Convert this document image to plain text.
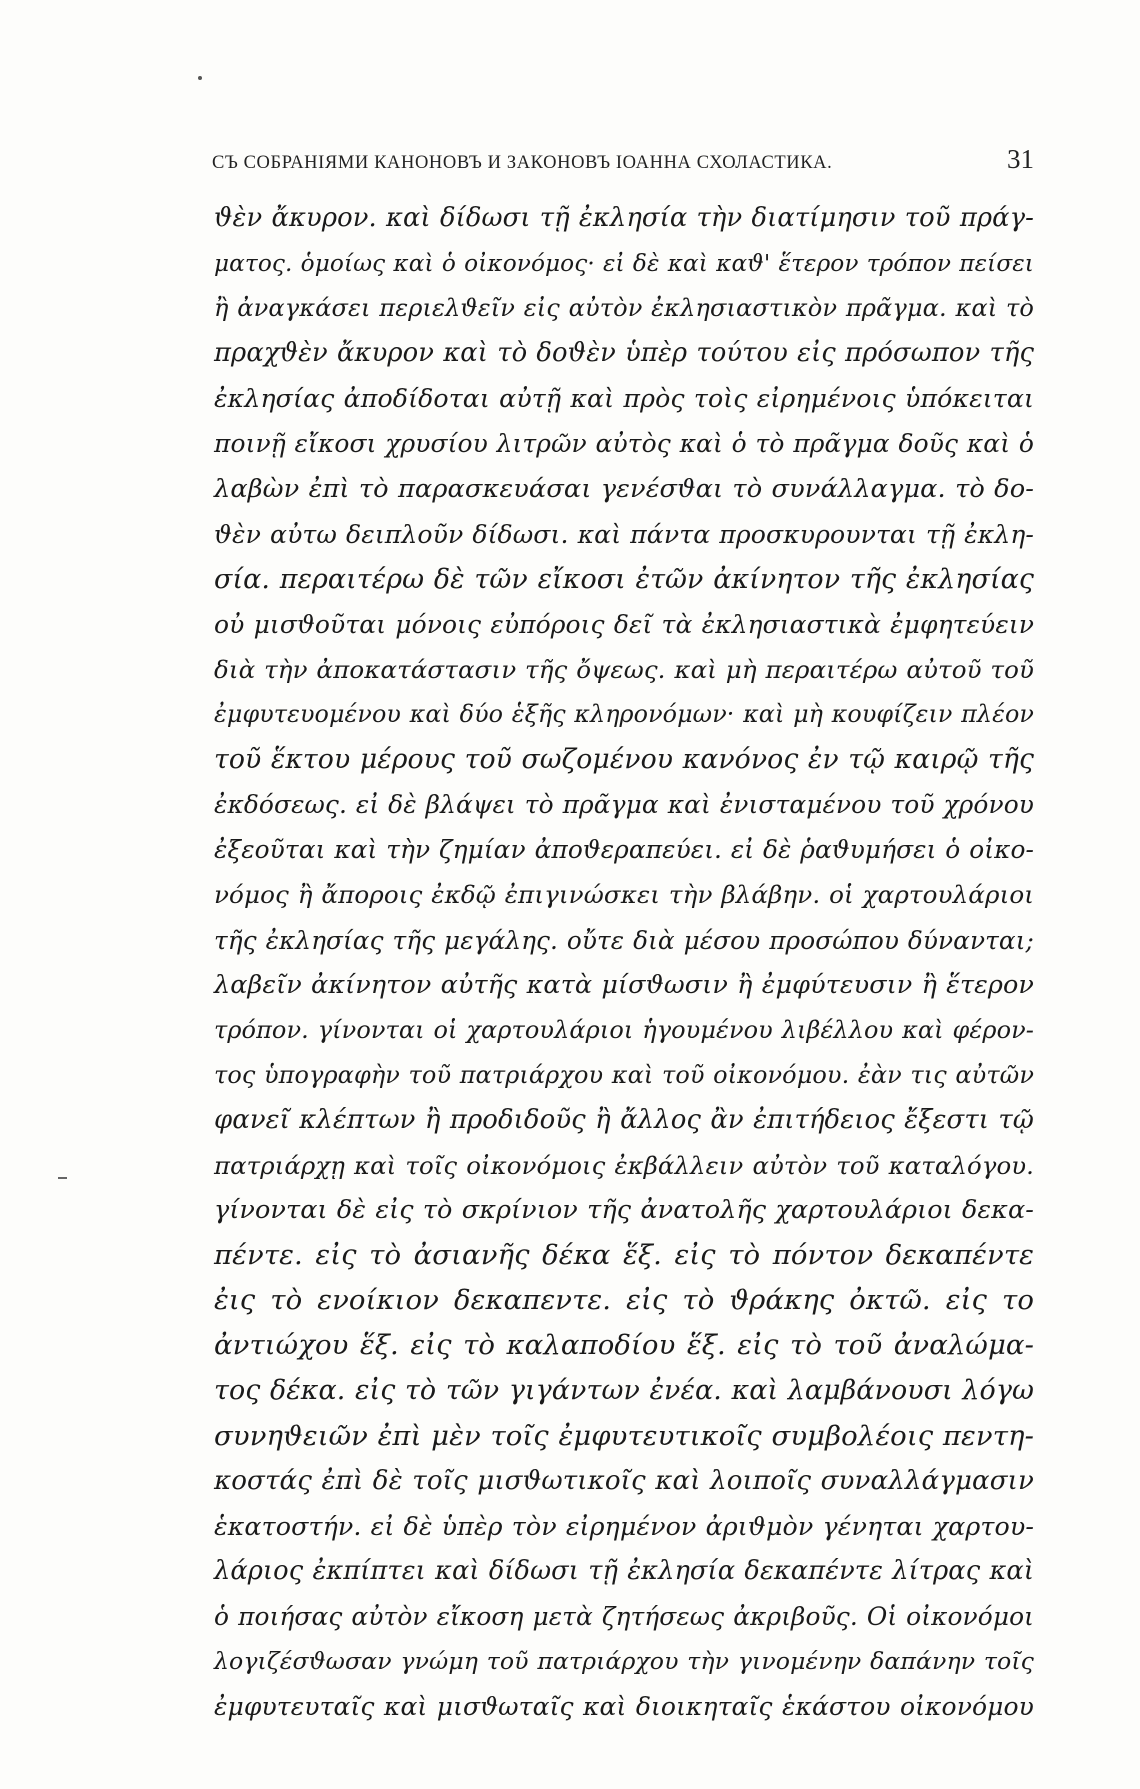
СЪ СОБРАНІЯМИ КАНОНОВЪ И ЗАКОНОВЪ ІОАННА СХОЛАСТИКА.	31
ϑὲν ἄκυρον. καὶ δίδωσι τῇ ἐκλησία τὴν διατίμησιν τοῦ πράγ-
ματος. ὁμοίως καὶ ὁ οἰκονόμος· εἰ δὲ καὶ καϑ' ἕτερον τρόπον πείσει
ἢ ἀναγκάσει περιελϑεῖν εἰς αὐτὸν ἐκλησιαστικὸν πρᾶγμα. καὶ τὸ
πραχϑὲν ἄκυρον καὶ τὸ δοϑὲν ὑπὲρ τούτου εἰς πρόσωπον τῆς
ἐκλησίας ἀποδίδοται αὐτῇ καὶ πρὸς τοὶς εἰρημένοις ὑπόκειται
ποινῇ εἴκοσι χρυσίου λιτρῶν αὐτὸς καὶ ὁ τὸ πρᾶγμα δοῦς καὶ ὁ
λαβὼν ἐπὶ τὸ παρασκευάσαι γενέσϑαι τὸ συνάλλαγμα. τὸ δο-
ϑὲν αὐτω δειπλοῦν δίδωσι. καὶ πάντα προσκυρουνται τῇ ἐκλη-
σία. περαιτέρω δὲ τῶν εἴκοσι ἐτῶν ἀκίνητον τῆς ἐκλησίας
οὐ μισϑοῦται μόνοις εὐπόροις δεῖ τὰ ἐκλησιαστικὰ ἐμφητεύειν
διὰ τὴν ἀποκατάστασιν τῆς ὄψεως. καὶ μὴ περαιτέρω αὐτοῦ τοῦ
ἐμφυτευομένου καὶ δύο ἑξῆς κληρονόμων· καὶ μὴ κουφίζειν πλέον
τοῦ ἕκτου μέρους τοῦ σωζομένου κανόνος ἐν τῷ καιρῷ τῆς
ἐκδόσεως. εἰ δὲ βλάψει τὸ πρᾶγμα καὶ ἐνισταμένου τοῦ χρόνου
ἐξεοῦται καὶ τὴν ζημίαν ἀποϑεραπεύει. εἰ δὲ ῥαϑυμήσει ὁ οἰκο-
νόμος ἢ ἄποροις ἐκδῷ ἐπιγινώσκει τὴν βλάβην. οἱ χαρτουλάριοι
τῆς ἐκλησίας τῆς μεγάλης. οὔτε διὰ μέσου προσώπου δύνανται;
λαβεῖν ἀκίνητον αὐτῆς κατὰ μίσϑωσιν ἢ ἐμφύτευσιν ἢ ἕτερον
τρόπον. γίνονται οἱ χαρτουλάριοι ἡγουμένου λιβέλλου καὶ φέρον-
τος ὑπογραφὴν τοῦ πατριάρχου καὶ τοῦ οἰκονόμου. ἐὰν τις αὐτῶν
φανεῖ κλέπτων ἢ προδιδοῦς ἢ ἄλλος ἂν ἐπιτήδειος ἔξεστι τῷ
πατριάρχῃ καὶ τοῖς οἰκονόμοις ἐκβάλλειν αὐτὸν τοῦ καταλόγου.
γίνονται δὲ εἰς τὸ σκρίνιον τῆς ἀνατολῆς χαρτουλάριοι δεκα-
πέντε. εἰς τὸ ἀσιανῆς δέκα ἕξ. εἰς τὸ πόντον δεκαπέντε
ἐις τὸ ενοίκιον δεκαπεντε. εἰς τὸ ϑράκης ὀκτῶ. εἰς το
ἀντιώχου ἕξ. εἰς τὸ καλαποδίου ἕξ. εἰς τὸ τοῦ ἀναλώμα-
τος δέκα. εἰς τὸ τῶν γιγάντων ἐνέα. καὶ λαμβάνουσι λόγω
συνηϑειῶν ἐπὶ μὲν τοῖς ἐμφυτευτικοῖς συμβολέοις πεντη-
κοστάς ἐπὶ δὲ τοῖς μισϑωτικοῖς καὶ λοιποῖς συναλλάγμασιν
ἑκατοστήν. εἰ δὲ ὑπὲρ τὸν εἰρημένον ἀριϑμὸν γένηται χαρτου-
λάριος ἐκπίπτει καὶ δίδωσι τῇ ἐκλησία δεκαπέντε λίτρας καὶ
ὁ ποιήσας αὐτὸν εἴκοση μετὰ ζητήσεως ἀκριβοῦς. Οἱ οἰκονόμοι
λογιζέσϑωσαν γνώμη τοῦ πατριάρχου τὴν γινομένην δαπάνην τοῖς
ἐμφυτευταῖς καὶ μισϑωταῖς καὶ διοικηταῖς ἑκάστου οἰκονόμου
